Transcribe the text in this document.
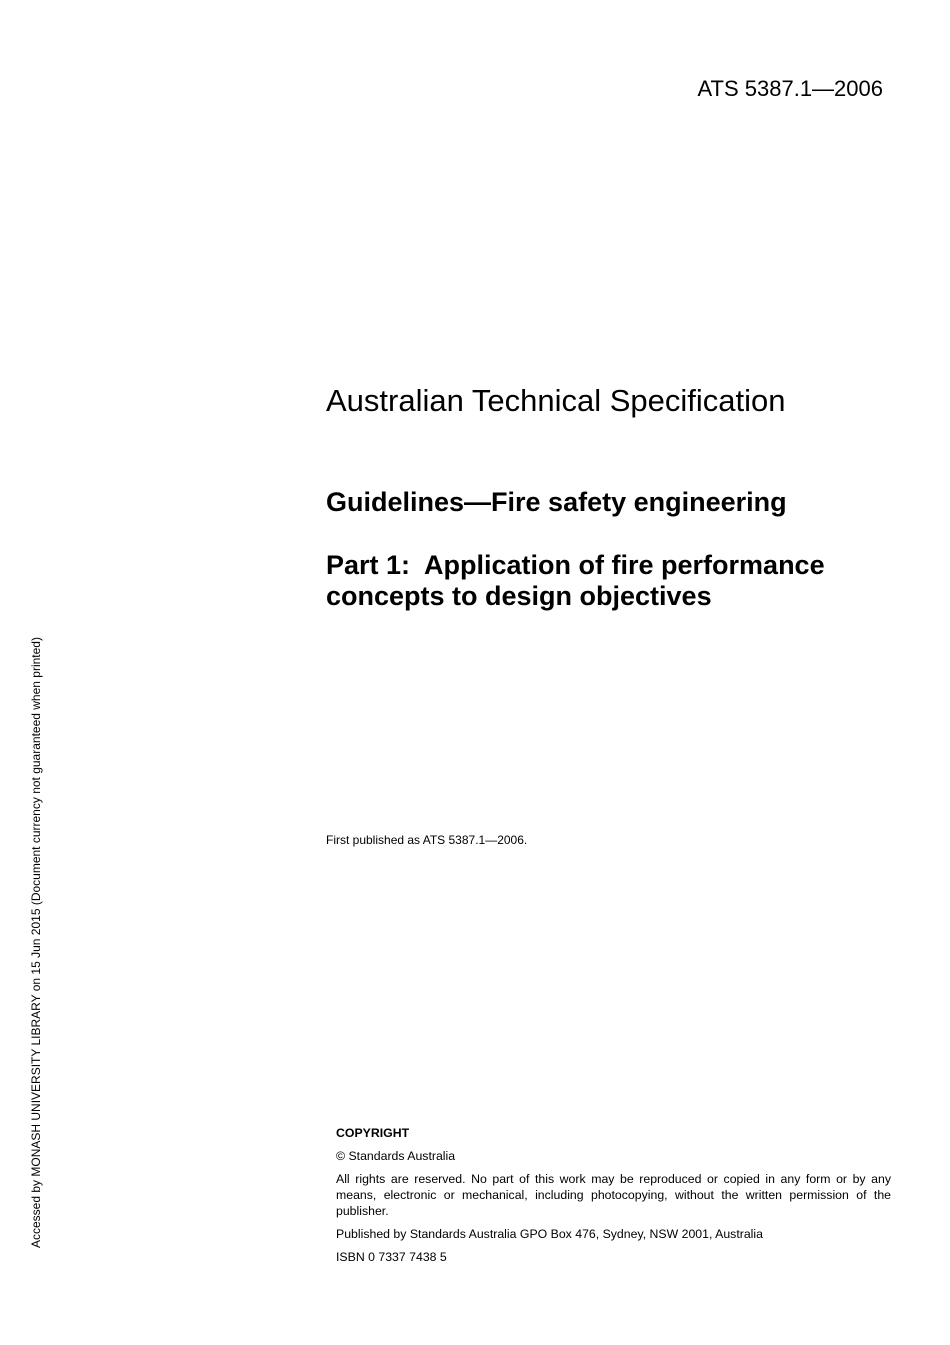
ATS 5387.1—2006
Accessed by MONASH UNIVERSITY LIBRARY on 15 Jun 2015 (Document currency not guaranteed when printed)
Australian Technical Specification
Guidelines—Fire safety engineering
Part 1:  Application of fire performance
concepts to design objectives
First published as ATS 5387.1—2006.

COPYRIGHT

© Standards Australia

All rights are reserved. No part of this work may be reproduced or copied in any form or by any means, electronic or mechanical, including photocopying, without the written permission of the publisher.

Published by Standards Australia GPO Box 476, Sydney, NSW 2001, Australia

ISBN 0 7337 7438 5
